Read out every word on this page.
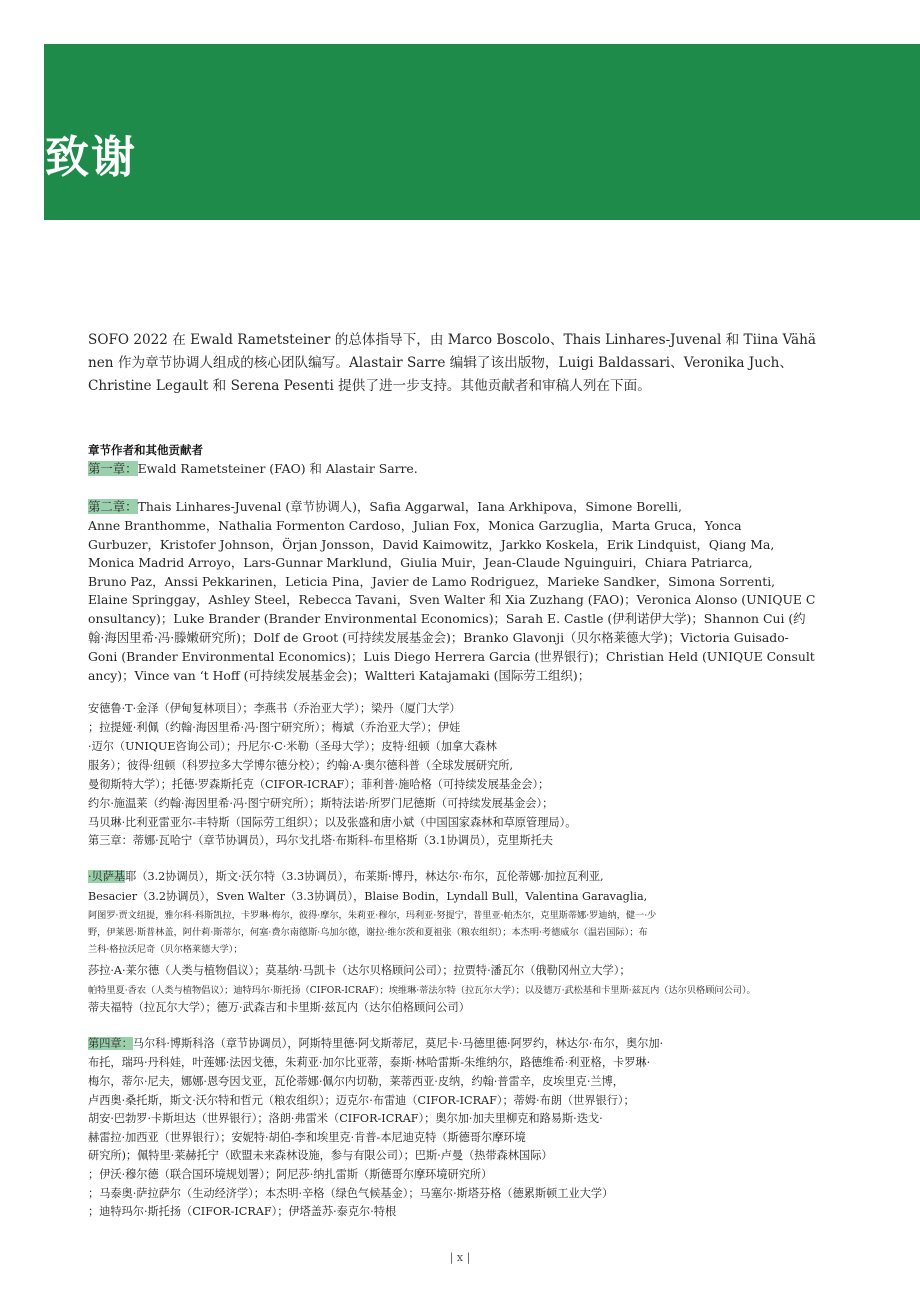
致谢

SOFO 2022 在 Ewald Rametsteiner 的总体指导下，由 Marco Boscolo、Thais Linhares-Juvenal 和 Tiina Vähä

nen 作为章节协调人组成的核心团队编写。Alastair Sarre 编辑了该出版物，Luigi Baldassari、Veronika Juch、

Christine Legault 和 Serena Pesenti 提供了进一步支持。其他贡献者和审稿人列在下面。

章节作者和其他贡献者

第一章：Ewald Rametsteiner (FAO) 和 Alastair Sarre.

第二章：Thais Linhares-Juvenal (章节协调人)，Safia Aggarwal，Iana Arkhipova，Simone Borelli,

Anne Branthomme，Nathalia Formenton Cardoso，Julian Fox，Monica Garzuglia，Marta Gruca，Yonca

Gurbuzer，Kristofer Johnson，Örjan Jonsson，David Kaimowitz，Jarkko Koskela，Erik Lindquist，Qiang Ma,

Monica Madrid Arroyo，Lars-Gunnar Marklund，Giulia Muir，Jean-Claude Nguinguiri，Chiara Patriarca,

Bruno Paz，Anssi Pekkarinen，Leticia Pina，Javier de Lamo Rodriguez，Marieke Sandker，Simona Sorrenti,

Elaine Springgay，Ashley Steel，Rebecca Tavani，Sven Walter 和 Xia Zuzhang (FAO)；Veronica Alonso (UNIQUE C

onsultancy)；Luke Brander (Brander Environmental Economics)；Sarah E. Castle (伊利诺伊大学)；Shannon Cui (约

翰·海因里希·冯·滕嫩研究所)；Dolf de Groot (可持续发展基金会)；Branko Glavonji（贝尔格莱德大学)；Victoria Guisado-

Goni (Brander Environmental Economics)；Luis Diego Herrera Garcia (世界银行)；Christian Held (UNIQUE Consult

ancy)；Vince van ‘t Hoff (可持续发展基金会)；Waltteri Katajamaki (国际劳工组织)；

安德鲁·T·金泽（伊甸复林项目）；李燕书（乔治亚大学）；梁丹（厦门大学）

；拉提娅·利佩（约翰·海因里希·冯·图宁研究所）；梅斌（乔治亚大学）；伊娃

·迈尔（UNIQUE咨询公司）；丹尼尔·C·米勒（圣母大学）；皮特·纽顿（加拿大森林

服务）；彼得·纽顿（科罗拉多大学博尔德分校）；约翰·A·奥尔德科普（全球发展研究所,

曼彻斯特大学）；托德·罗森斯托克（CIFOR-ICRAF）；菲利普·施哈格（可持续发展基金会）；

约尔·施温莱（约翰·海因里希·冯·图宁研究所）；斯特法诺·所罗门尼德斯（可持续发展基金会）；

马贝琳·比利亚雷亚尔-丰特斯（国际劳工组织）；以及张盛和唐小斌（中国国家森林和草原管理局）。

第三章：蒂娜·瓦哈宁（章节协调员），玛尔戈扎塔·布斯科-布里格斯（3.1协调员），克里斯托夫

·贝萨基耶（3.2协调员），斯文·沃尔特（3.3协调员），布莱斯·博丹，林达尔·布尔，瓦伦蒂娜·加拉瓦利亚,

Besacier（3.2协调员），Sven Walter（3.3协调员），Blaise Bodin，Lyndall Bull，Valentina Garavaglia,

阿图罗·贾文纽提，雅尔科·科斯凯拉，卡罗琳·梅尔，彼得·摩尔，朱莉亚·穆尔，玛利亚·努提宁，普里亚·帕杰尔，克里斯蒂娜·罗迪纳，健一·少

野，伊莱恩·斯普林盖，阿什莉·斯蒂尔，何塞·费尔南德斯·乌加尔德，谢拉·维尔茨和夏祖张（粮农组织）；本杰明·考德威尔（温岩国际）；布

兰科·格拉沃尼奇（贝尔格莱德大学）；

莎拉·A·莱尔德（人类与植物倡议）；莫基纳·马凯卡（达尔贝格顾问公司）；拉贾特·潘瓦尔（俄勒冈州立大学）；

帕特里夏·香农（人类与植物倡议）；迪特玛尔·斯托扬（CIFOR-ICRAF）；埃维琳·蒂法尔特（拉瓦尔大学）；以及德万·武松基和卡里斯·兹瓦内（达尔贝格顾问公司）。

蒂夫福特（拉瓦尔大学）；德万·武森吉和卡里斯·兹瓦内（达尔伯格顾问公司）

第四章：马尔科·博斯科洛（章节协调员），阿斯特里德·阿戈斯蒂尼，莫尼卡·马德里德·阿罗约，林达尔·布尔，奥尔加·

布托，瑞玛·丹科娃，叶莲娜·法因戈德，朱莉亚·加尔比亚蒂，泰斯·林哈雷斯-朱维纳尔，路德维希·利亚格，卡罗琳·

梅尔，蒂尔·尼夫，娜娜·恩夸因戈亚，瓦伦蒂娜·佩尔内切勒，莱蒂西亚·皮纳，约翰·普雷辛，皮埃里克·兰博，

卢西奥·桑托斯，斯文·沃尔特和哲元（粮农组织）；迈克尔·布雷迪（CIFOR-ICRAF）；蒂姆·布朗（世界银行）；

胡安·巴勃罗·卡斯坦达（世界银行）；洛朗·弗雷米（CIFOR-ICRAF）；奥尔加·加夫里柳克和路易斯·迭戈·

赫雷拉·加西亚（世界银行）；安妮特·胡伯-李和埃里克·肯普-本尼迪克特（斯德哥尔摩环境

研究所)；佩特里·莱赫托宁（欧盟未来森林设施，参与有限公司）；巴斯·卢曼（热带森林国际）

；伊沃·穆尔德（联合国环境规划署）；阿尼莎·纳扎雷斯（斯德哥尔摩环境研究所）

；马泰奥·萨拉萨尔（生动经济学）；本杰明·辛格（绿色气候基金）；马塞尔·斯塔芬格（德累斯顿工业大学）

；迪特玛尔·斯托扬（CIFOR-ICRAF）；伊塔盖苏·泰克尔·特根

| x |
